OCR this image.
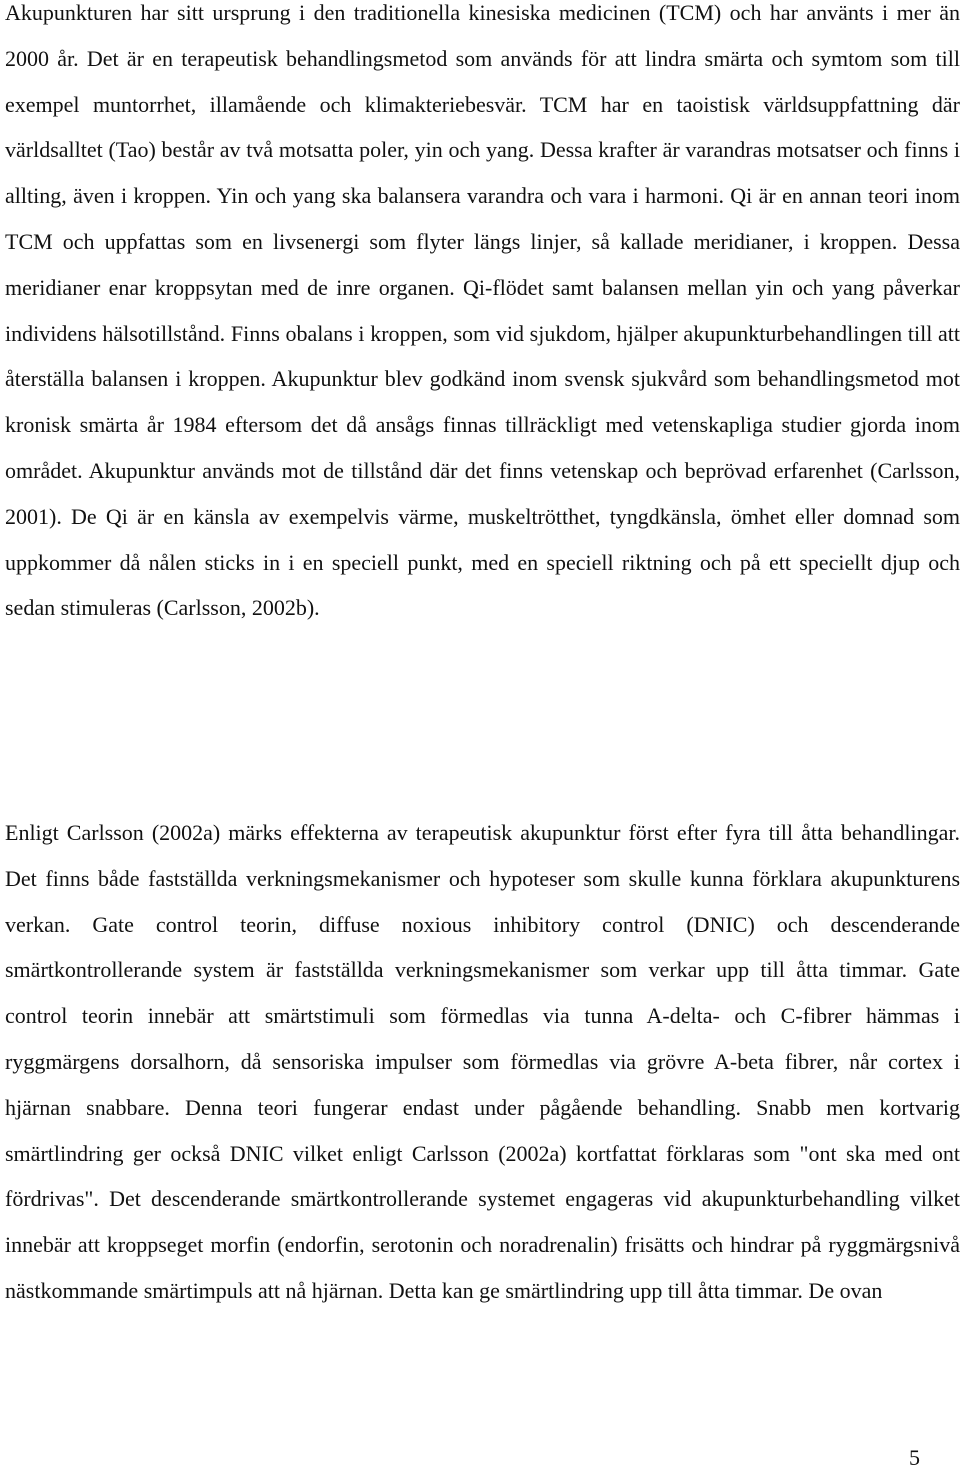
Akupunkturen har sitt ursprung i den traditionella kinesiska medicinen (TCM) och har använts i mer än 2000 år. Det är en terapeutisk behandlingsmetod som används för att lindra smärta och symtom som till exempel muntorrhet, illamående och klimakteriebesvär. TCM har en taoistisk världsuppfattning där världsalltet (Tao) består av två motsatta poler, yin och yang. Dessa krafter är varandras motsatser och finns i allting, även i kroppen. Yin och yang ska balansera varandra och vara i harmoni. Qi är en annan teori inom TCM och uppfattas som en livsenergi som flyter längs linjer, så kallade meridianer, i kroppen. Dessa meridianer enar kroppsytan med de inre organen. Qi-flödet samt balansen mellan yin och yang påverkar individens hälsotillstånd. Finns obalans i kroppen, som vid sjukdom, hjälper akupunkturbehandlingen till att återställa balansen i kroppen. Akupunktur blev godkänd inom svensk sjukvård som behandlingsmetod mot kronisk smärta år 1984 eftersom det då ansågs finnas tillräckligt med vetenskapliga studier gjorda inom området. Akupunktur används mot de tillstånd där det finns vetenskap och beprövad erfarenhet (Carlsson, 2001). De Qi är en känsla av exempelvis värme, muskeltrötthet, tyngdkänsla, ömhet eller domnad som uppkommer då nålen sticks in i en speciell punkt, med en speciell riktning och på ett speciellt djup och sedan stimuleras (Carlsson, 2002b).

Enligt Carlsson (2002a) märks effekterna av terapeutisk akupunktur först efter fyra till åtta behandlingar. Det finns både fastställda verkningsmekanismer och hypoteser som skulle kunna förklara akupunkturens verkan. Gate control teorin, diffuse noxious inhibitory control (DNIC) och descenderande smärtkontrollerande system är fastställda verkningsmekanismer som verkar upp till åtta timmar. Gate control teorin innebär att smärtstimuli som förmedlas via tunna A-delta- och C-fibrer hämmas i ryggmärgens dorsalhorn, då sensoriska impulser som förmedlas via grövre A-beta fibrer, når cortex i hjärnan snabbare. Denna teori fungerar endast under pågående behandling. Snabb men kortvarig smärtlindring ger också DNIC vilket enligt Carlsson (2002a) kortfattat förklaras som "ont ska med ont fördrivas". Det descenderande smärtkontrollerande systemet engageras vid akupunkturbehandling vilket innebär att kroppseget morfin (endorfin, serotonin och noradrenalin) frisätts och hindrar på ryggmärgsnivå nästkommande smärtimpuls att nå hjärnan. Detta kan ge smärtlindring upp till åtta timmar. De ovan

5
